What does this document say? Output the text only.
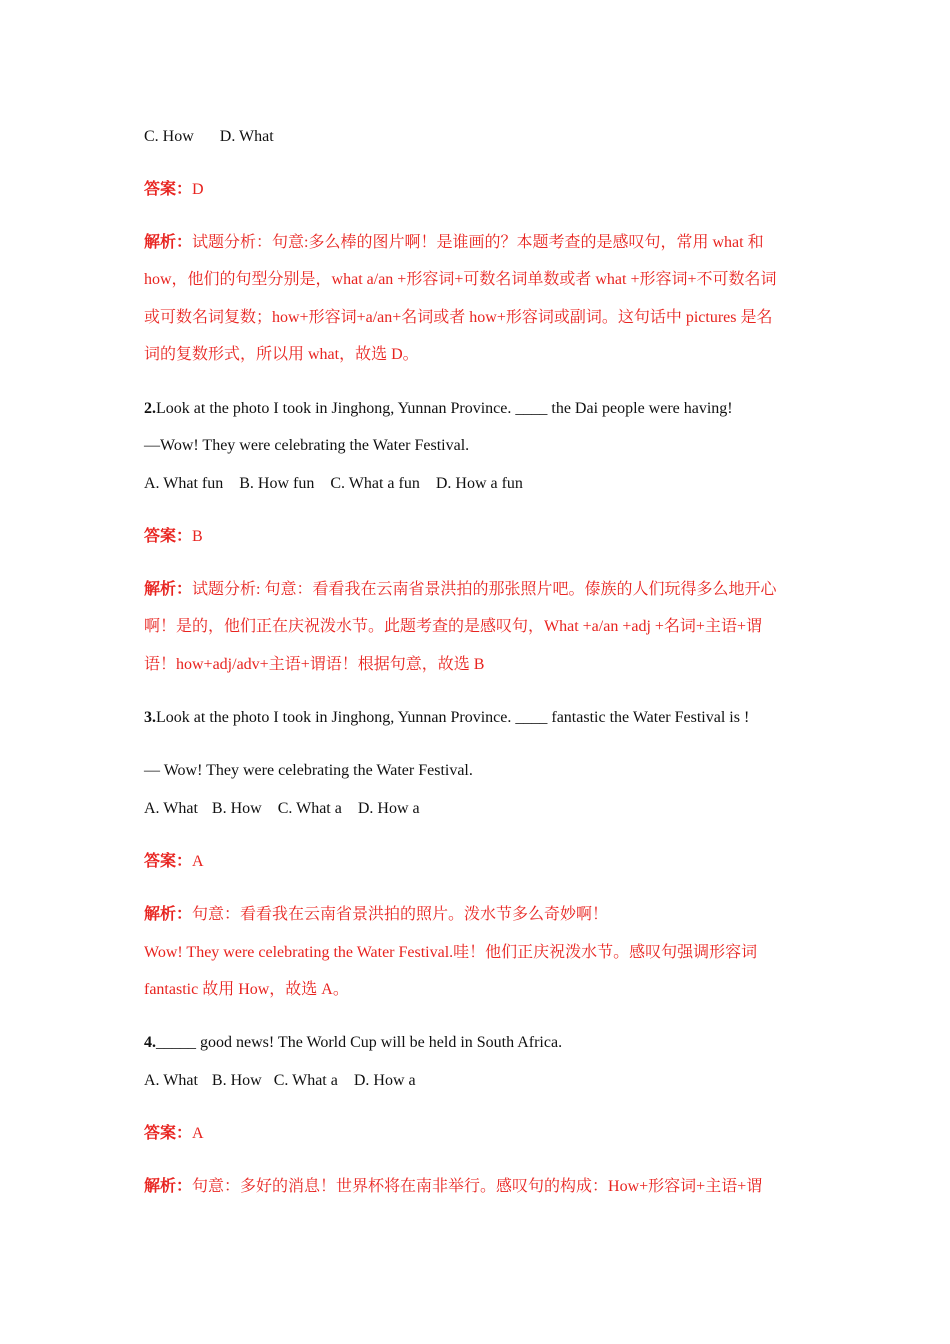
C. How D. What
答案：D
解析：试题分析：句意:多么棒的图片啊！是谁画的？本题考查的是感叹句，常用 what 和
how，他们的句型分别是，what a/an +形容词+可数名词单数或者 what +形容词+不可数名词
或可数名词复数；how+形容词+a/an+名词或者 how+形容词或副词。这句话中 pictures 是名
词的复数形式，所以用 what，故选 D。
2.Look at the photo I took in Jinghong, Yunnan Province. ____ the Dai people were having!
—Wow! They were celebrating the Water Festival.
A. What fun B. How fun C. What a fun D. How a fun
答案：B
解析：试题分析: 句意：看看我在云南省景洪拍的那张照片吧。傣族的人们玩得多么地开心
啊！是的，他们正在庆祝泼水节。此题考查的是感叹句，What +a/an +adj +名词+主语+谓
语！how+adj/adv+主语+谓语！根据句意，故选 B
3.Look at the photo I took in Jinghong, Yunnan Province. ____ fantastic the Water Festival is !
— Wow! They were celebrating the Water Festival.
A. What B. How C. What a D. How a
答案：A
解析：句意：看看我在云南省景洪拍的照片。泼水节多么奇妙啊！
Wow! They were celebrating the Water Festival.哇！他们正庆祝泼水节。感叹句强调形容词
fantastic 故用 How，故选 A。
4._____ good news! The World Cup will be held in South Africa.
A. What B. How C. What a D. How a
答案：A
解析：句意：多好的消息！世界杯将在南非举行。感叹句的构成：How+形容词+主语+谓
